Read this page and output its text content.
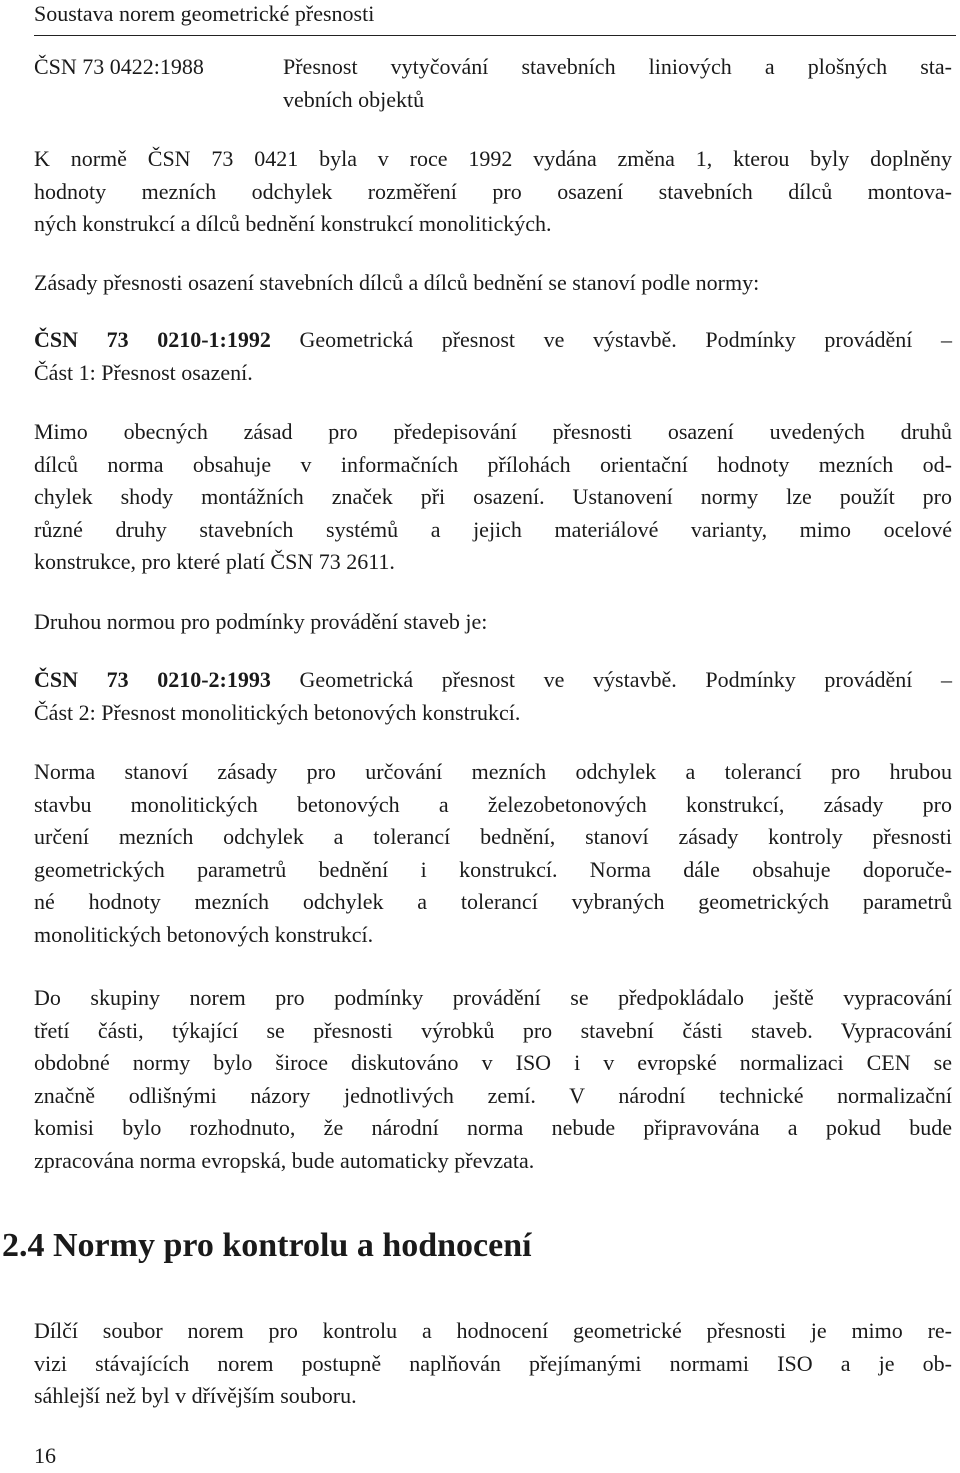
Soustava norem geometrické přesnosti
ČSN 73 0422:1988	Přesnost vytyčování stavebních liniových a plošných sta-
vebních objektů
K normě ČSN 73 0421 byla v roce 1992 vydána změna 1, kterou byly doplněny
hodnoty mezních odchylek rozměření pro osazení stavebních dílců montova-
ných konstrukcí a dílců bednění konstrukcí monolitických.
Zásady přesnosti osazení stavebních dílců a dílců bednění se stanoví podle normy:
ČSN 73 0210-1:1992 Geometrická přesnost ve výstavbě. Podmínky provádění –
Část 1: Přesnost osazení.
Mimo obecných zásad pro předepisování přesnosti osazení uvedených druhů
dílců norma obsahuje v informačních přílohách orientační hodnoty mezních od-
chylek shody montážních značek při osazení. Ustanovení normy lze použít pro
různé druhy stavebních systémů a jejich materiálové varianty, mimo ocelové
konstrukce, pro které platí ČSN 73 2611.
Druhou normou pro podmínky provádění staveb je:
ČSN 73 0210-2:1993 Geometrická přesnost ve výstavbě. Podmínky provádění –
Část 2: Přesnost monolitických betonových konstrukcí.
Norma stanoví zásady pro určování mezních odchylek a tolerancí pro hrubou
stavbu monolitických betonových a železobetonových konstrukcí, zásady pro
určení mezních odchylek a tolerancí bednění, stanoví zásady kontroly přesnosti
geometrických parametrů bednění i konstrukcí. Norma dále obsahuje doporuče-
né hodnoty mezních odchylek a tolerancí vybraných geometrických parametrů
monolitických betonových konstrukcí.
Do skupiny norem pro podmínky provádění se předpokládalo ještě vypracování
třetí části, týkající se přesnosti výrobků pro stavební části staveb. Vypracování
obdobné normy bylo široce diskutováno v ISO i v evropské normalizaci CEN se
značně odlišnými názory jednotlivých zemí. V národní technické normalizační
komisi bylo rozhodnuto, že národní norma nebude připravována a pokud bude
zpracována norma evropská, bude automaticky převzata.
2.4 Normy pro kontrolu a hodnocení
Dílčí soubor norem pro kontrolu a hodnocení geometrické přesnosti je mimo re-
vizi stávajících norem postupně naplňován přejímanými normami ISO a je ob-
sáhlejší než byl v dřívějším souboru.
16
